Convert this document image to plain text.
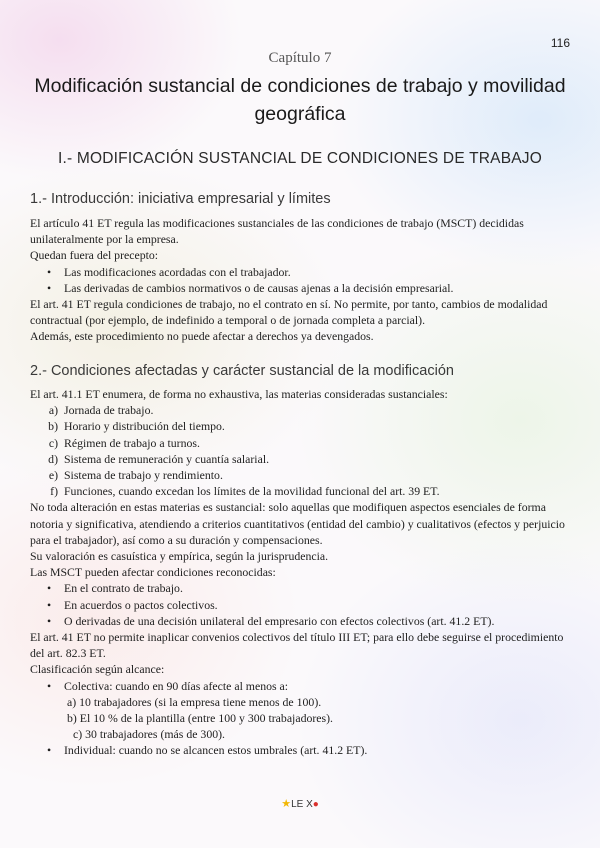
116
Capítulo 7
Modificación sustancial de condiciones de trabajo y movilidad geográfica
I.- MODIFICACIÓN SUSTANCIAL DE CONDICIONES DE TRABAJO
1.- Introducción: iniciativa empresarial y límites

El artículo 41 ET regula las modificaciones sustanciales de las condiciones de trabajo (MSCT) decididas unilateralmente por la empresa.

Quedan fuera del precepto:

• Las modificaciones acordadas con el trabajador.

• Las derivadas de cambios normativos o de causas ajenas a la decisión empresarial.

El art. 41 ET regula condiciones de trabajo, no el contrato en sí. No permite, por tanto, cambios de modalidad contractual (por ejemplo, de indefinido a temporal o de jornada completa a parcial).

Además, este procedimiento no puede afectar a derechos ya devengados.

2.- Condiciones afectadas y carácter sustancial de la modificación

El art. 41.1 ET enumera, de forma no exhaustiva, las materias consideradas sustanciales:

a) Jornada de trabajo.

b) Horario y distribución del tiempo.

c) Régimen de trabajo a turnos.

d) Sistema de remuneración y cuantía salarial.

e) Sistema de trabajo y rendimiento.

f) Funciones, cuando excedan los límites de la movilidad funcional del art. 39 ET.

No toda alteración en estas materias es sustancial: solo aquellas que modifiquen aspectos esenciales de forma notoria y significativa, atendiendo a criterios cuantitativos (entidad del cambio) y cualitativos (efectos y perjuicio para el trabajador), así como a su duración y compensaciones.

Su valoración es casuística y empírica, según la jurisprudencia.

Las MSCT pueden afectar condiciones reconocidas:

• En el contrato de trabajo.

• En acuerdos o pactos colectivos.

• O derivadas de una decisión unilateral del empresario con efectos colectivos (art. 41.2 ET).

El art. 41 ET no permite inaplicar convenios colectivos del título III ET; para ello debe seguirse el procedimiento del art. 82.3 ET.

Clasificación según alcance:

• Colectiva: cuando en 90 días afecte al menos a:

a) 10 trabajadores (si la empresa tiene menos de 100).

b) El 10 % de la plantilla (entre 100 y 300 trabajadores).

c) 30 trabajadores (más de 300).

• Individual: cuando no se alcancen estos umbrales (art. 41.2 ET).

★LE X●
